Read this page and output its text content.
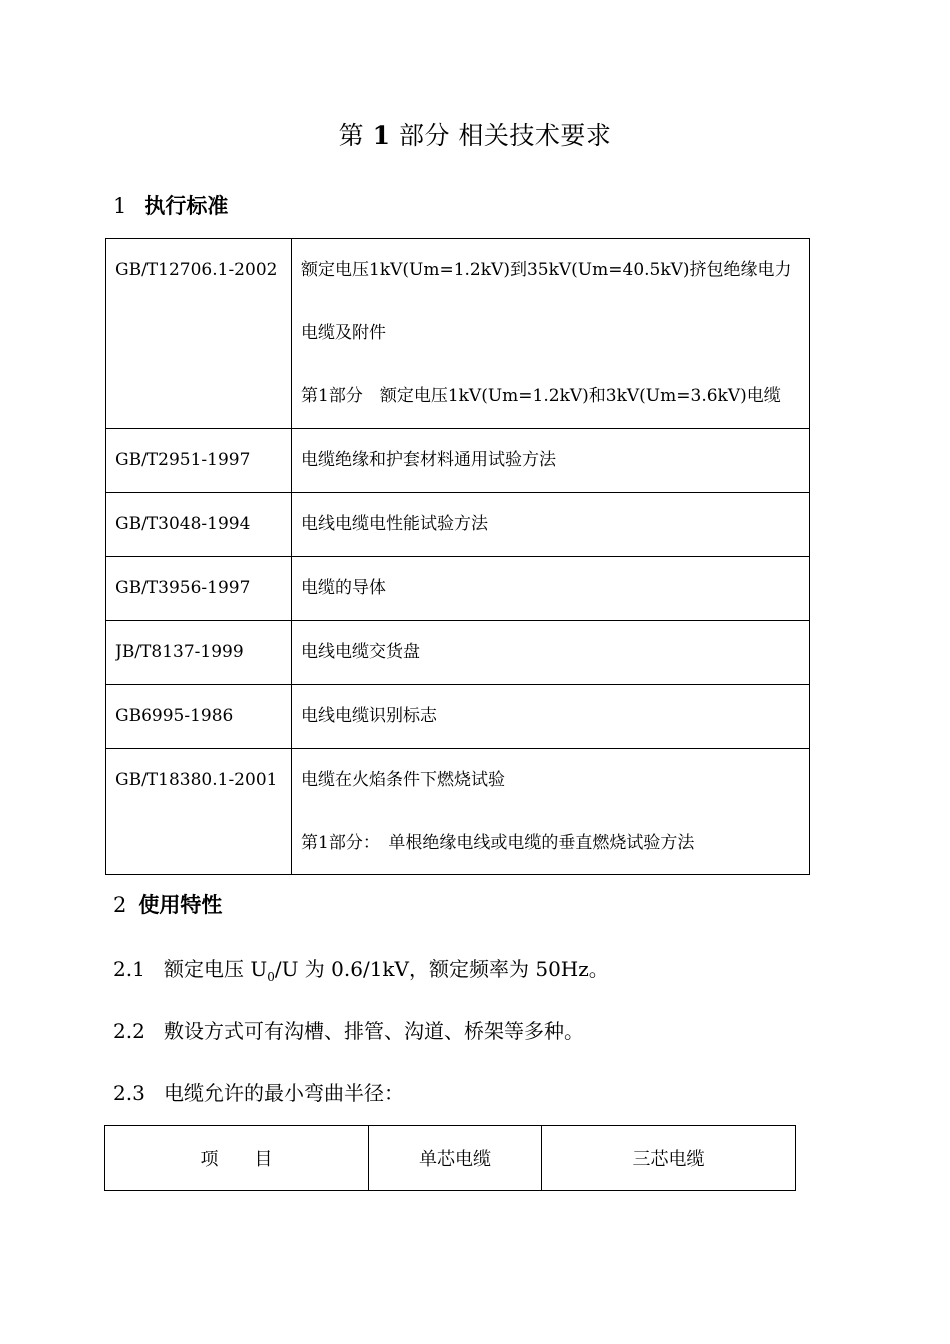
第 1 部分 相关技术要求
1 执行标准
GB/T12706.1-2002	额定电压1kV(Um=1.2kV)到35kV(Um=40.5kV)挤包绝缘电力
电缆及附件
第1部分　额定电压1kV(Um=1.2kV)和3kV(Um=3.6kV)电缆

GB/T2951-1997	电缆绝缘和护套材料通用试验方法

GB/T3048-1994	电线电缆电性能试验方法

GB/T3956-1997	电缆的导体

JB/T8137-1999	电线电缆交货盘

GB6995-1986	电线电缆识别标志

GB/T18380.1-2001	电缆在火焰条件下燃烧试验
第1部分：　单根绝缘电线或电缆的垂直燃烧试验方法
2 使用特性
2.1 额定电压 $U_0/U$ 为 0.6/1kV，额定频率为 50Hz。
2.2 敷设方式可有沟槽、排管、沟道、桥架等多种。
2.3 电缆允许的最小弯曲半径：
项　　目	单芯电缆	三芯电缆
